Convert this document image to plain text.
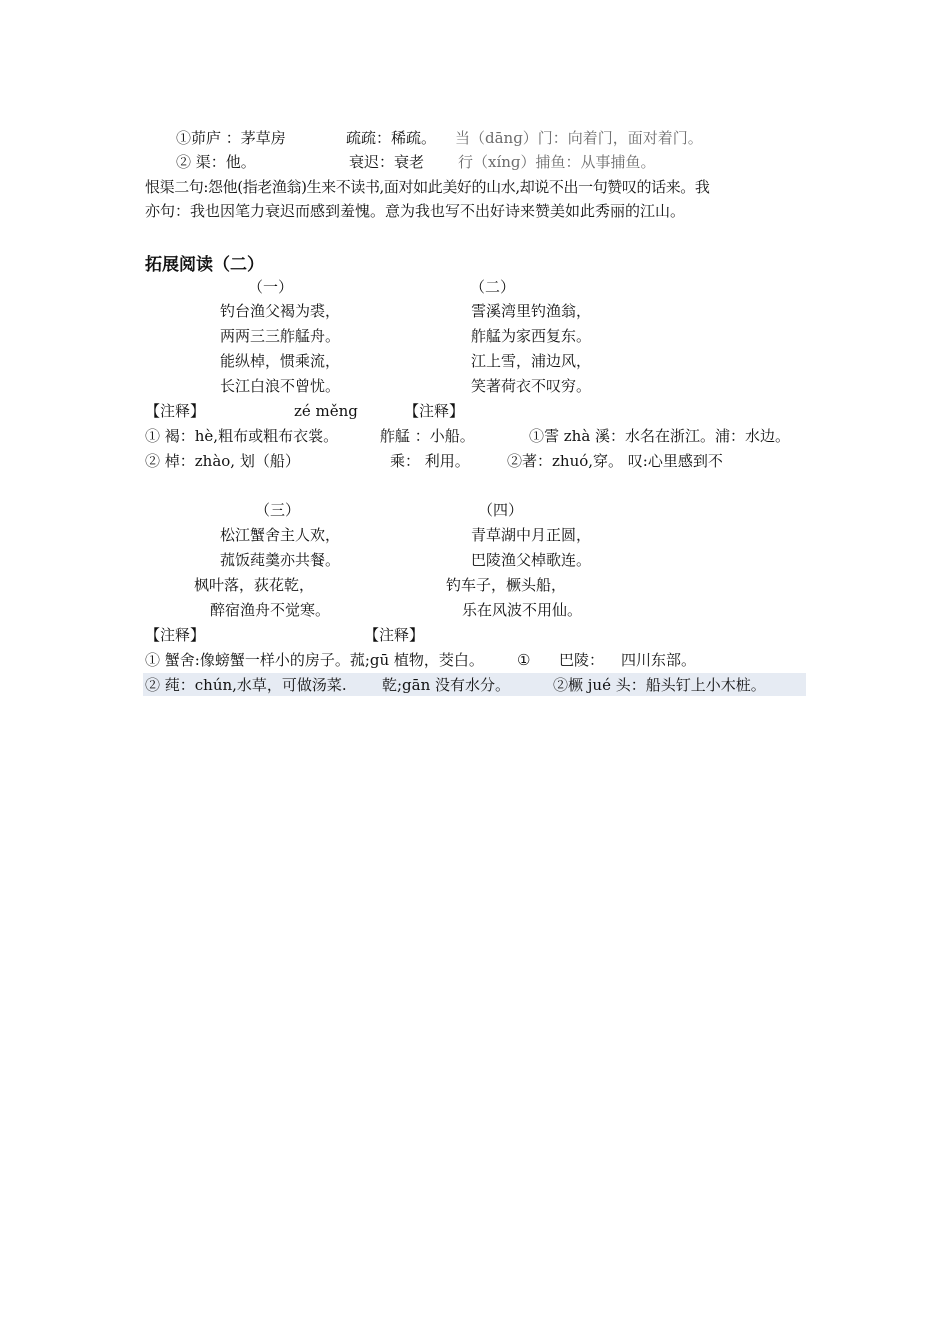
①茆庐 ：茅草房	疏疏：稀疏。 当（dānɡ）门：向着门，面对着门。
② 渠：他。	衰迟：衰老 行（xínɡ）捕鱼：从事捕鱼。
恨渠二句:怨他(指老渔翁)生来不读书,面对如此美好的山水,却说不出一句赞叹的话来。我
亦句：我也因笔力衰迟而感到羞愧。意为我也写不出好诗来赞美如此秀丽的江山。
拓展阅读（二）
（一）
钓台渔父褐为裘，
两两三三舴艋舟。
能纵棹，惯乘流，
长江白浪不曾忧。
（二）
霅溪湾里钓渔翁，
舴艋为家西复东。
江上雪，浦边风，
笑著荷衣不叹穷。
【注释】	zé měng	【注释】
① 褐：hè,粗布或粗布衣裳。	舴艋 ：小船。	①霅 zhà 溪：水名在浙江。浦：水边。
② 棹：zhào, 划（船）	乘： 利用。 ②著：zhuó,穿。 叹:心里感到不
（三）
松江蟹舍主人欢，
菰饭莼羹亦共餐。
枫叶落，荻花乾，
醉宿渔舟不觉寒。
（四）
青草湖中月正圆，
巴陵渔父棹歌连。
钓车子，橛头船，
乐在风波不用仙。
【注释】	【注释】
① 蟹舍:像螃蟹一样小的房子。菰;gū 植物，茭白。 ① 巴陵： 四川东部。
② 莼：chún,水草，可做汤菜. 乾;gān 没有水分。	②橛 jué 头：船头钉上小木桩。
